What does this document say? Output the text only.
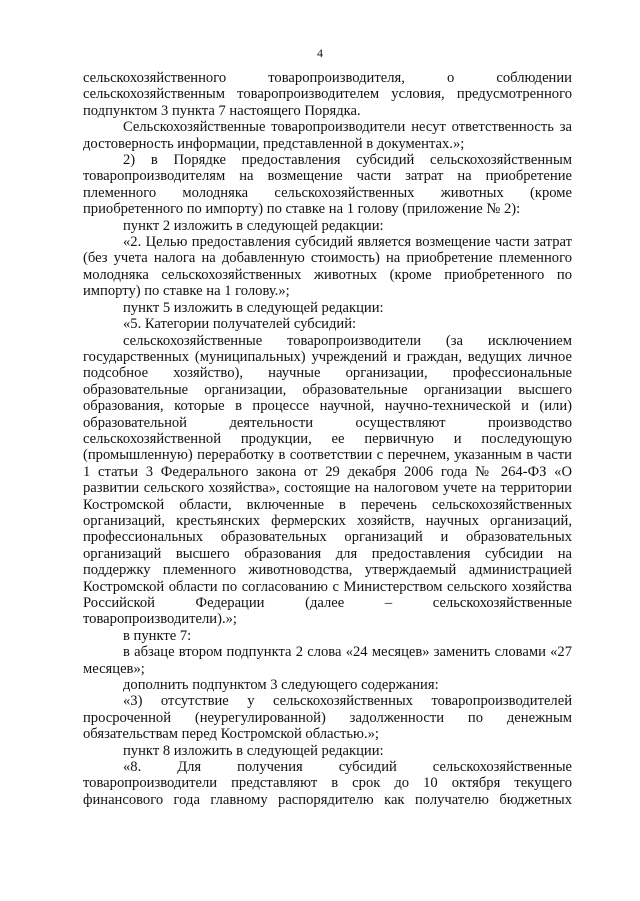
4

сельскохозяйственного товаропроизводителя, о соблюдении сельскохозяйственным товаропроизводителем условия, предусмотренного подпунктом 3 пункта 7 настоящего Порядка.

Сельскохозяйственные товаропроизводители несут ответственность за достоверность информации, представленной в документах.»;

2) в Порядке предоставления субсидий сельскохозяйственным товаропроизводителям на возмещение части затрат на приобретение племенного молодняка сельскохозяйственных животных (кроме приобретенного по импорту) по ставке на 1 голову (приложение № 2):

пункт 2 изложить в следующей редакции:

«2. Целью предоставления субсидий является возмещение части затрат (без учета налога на добавленную стоимость) на приобретение племенного молодняка сельскохозяйственных животных (кроме приобретенного по импорту) по ставке на 1 голову.»;

пункт 5 изложить в следующей редакции:

«5. Категории получателей субсидий:

сельскохозяйственные товаропроизводители (за исключением государственных (муниципальных) учреждений и граждан, ведущих личное подсобное хозяйство), научные организации, профессиональные образовательные организации, образовательные организации высшего образования, которые в процессе научной, научно-технической и (или) образовательной деятельности осуществляют производство сельскохозяйственной продукции, ее первичную и последующую (промышленную) переработку в соответствии с перечнем, указанным в части 1 статьи 3 Федерального закона от 29 декабря 2006 года № 264-ФЗ «О развитии сельского хозяйства», состоящие на налоговом учете на территории Костромской области, включенные в перечень сельскохозяйственных организаций, крестьянских фермерских хозяйств, научных организаций, профессиональных образовательных организаций и образовательных организаций высшего образования для предоставления субсидии на поддержку племенного животноводства, утверждаемый администрацией Костромской области по согласованию с Министерством сельского хозяйства Российской Федерации (далее – сельскохозяйственные товаропроизводители).»;

в пункте 7:

в абзаце втором подпункта 2 слова «24 месяцев» заменить словами «27 месяцев»;

дополнить подпунктом 3 следующего содержания:

«3) отсутствие у сельскохозяйственных товаропроизводителей просроченной (неурегулированной) задолженности по денежным обязательствам перед Костромской областью.»;

пункт 8 изложить в следующей редакции:

«8. Для получения субсидий сельскохозяйственные товаропроизводители представляют в срок до 10 октября текущего финансового года главному распорядителю как получателю бюджетных
